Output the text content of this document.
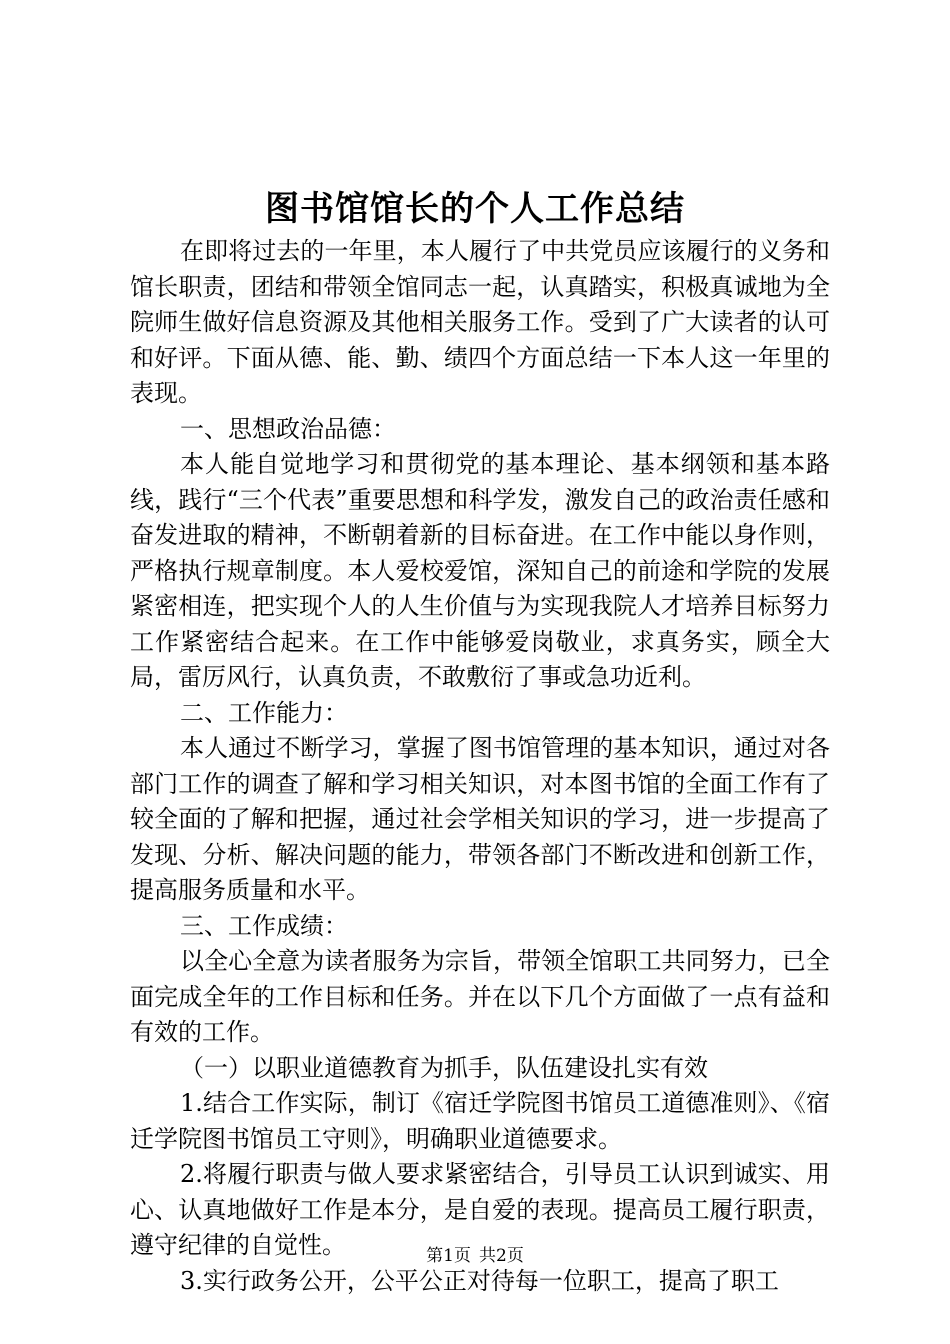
图书馆馆长的个人工作总结

在即将过去的一年里，本人履行了中共党员应该履行的义务和馆长职责，团结和带领全馆同志一起，认真踏实，积极真诚地为全院师生做好信息资源及其他相关服务工作。受到了广大读者的认可和好评。下面从德、能、勤、绩四个方面总结一下本人这一年里的表现。

一、思想政治品德：

本人能自觉地学习和贯彻党的基本理论、基本纲领和基本路线，践行“三个代表”重要思想和科学发，激发自己的政治责任感和奋发进取的精神，不断朝着新的目标奋进。在工作中能以身作则，严格执行规章制度。本人爱校爱馆，深知自己的前途和学院的发展紧密相连，把实现个人的人生价值与为实现我院人才培养目标努力工作紧密结合起来。在工作中能够爱岗敬业，求真务实，顾全大局，雷厉风行，认真负责，不敢敷衍了事或急功近利。

二、工作能力：

本人通过不断学习，掌握了图书馆管理的基本知识，通过对各部门工作的调查了解和学习相关知识，对本图书馆的全面工作有了较全面的了解和把握，通过社会学相关知识的学习，进一步提高了发现、分析、解决问题的能力，带领各部门不断改进和创新工作，提高服务质量和水平。

三、工作成绩：

以全心全意为读者服务为宗旨，带领全馆职工共同努力，已全面完成全年的工作目标和任务。并在以下几个方面做了一点有益和有效的工作。

（一）以职业道德教育为抓手，队伍建设扎实有效

1.结合工作实际，制订《宿迁学院图书馆员工道德准则》、《宿迁学院图书馆员工守则》，明确职业道德要求。

2.将履行职责与做人要求紧密结合，引导员工认识到诚实、用心、认真地做好工作是本分，是自爱的表现。提高员工履行职责，遵守纪律的自觉性。

3.实行政务公开，公平公正对待每一位职工，提高了职工

第1页 共2页
